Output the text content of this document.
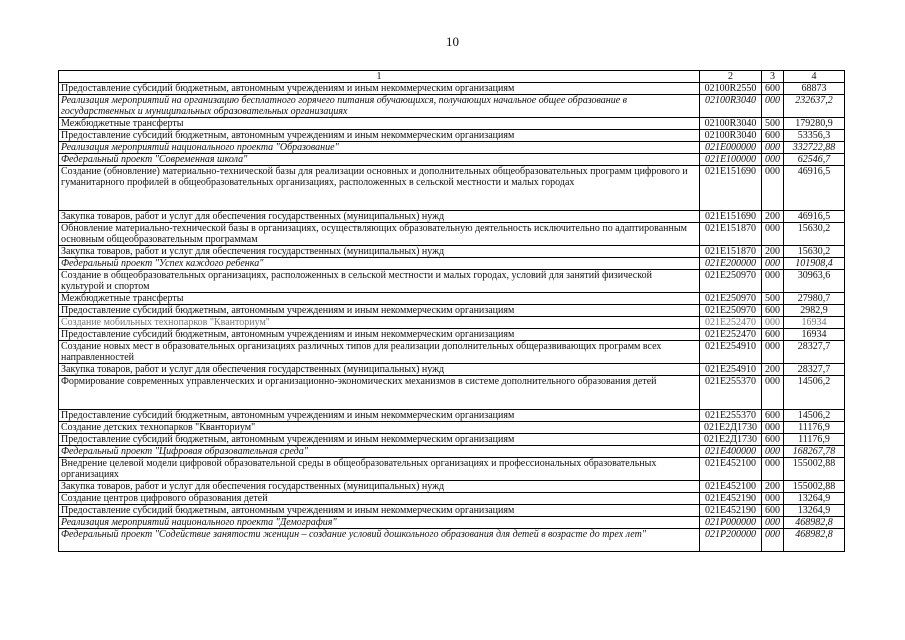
10
1	2	3	4
Предоставление субсидий бюджетным, автономным учреждениям и иным некоммерческим организациям	02100R2550	600	68873
Реализация мероприятий на организацию бесплатного горячего питания обучающихся, получающих начальное общее образование в государственных и муниципальных образовательных организациях	02100R3040	000	232637,2
Межбюджетные трансферты	02100R3040	500	179280,9
Предоставление субсидий бюджетным, автономным учреждениям и иным некоммерческим организациям	02100R3040	600	53356,3
Реализация мероприятий национального проекта "Образование"	021E000000	000	332722,88
Федеральный проект "Современная школа"	021E100000	000	62546,7
Создание (обновление) материально-технической базы для реализации основных и дополнительных общеобразовательных программ цифрового и гуманитарного профилей в общеобразовательных организациях, расположенных в сельской местности и малых городах	021E151690	000	46916,5
Закупка товаров, работ и услуг для обеспечения государственных (муниципальных) нужд	021E151690	200	46916,5
Обновление материально-технической базы в организациях, осуществляющих образовательную деятельность исключительно по адаптированным основным общеобразовательным программам	021E151870	000	15630,2
Закупка товаров, работ и услуг для обеспечения государственных (муниципальных) нужд	021E151870	200	15630,2
Федеральный проект "Успех каждого ребенка"	021E200000	000	101908,4
Создание в общеобразовательных организациях, расположенных в сельской местности и малых городах, условий для занятий физической культурой и спортом	021E250970	000	30963,6
Межбюджетные трансферты	021E250970	500	27980,7
Предоставление субсидий бюджетным, автономным учреждениям и иным некоммерческим организациям	021E250970	600	2982,9
Создание мобильных технопарков "Кванториум"	021E252470	000	16934
Предоставление субсидий бюджетным, автономным учреждениям и иным некоммерческим организациям	021E252470	600	16934
Создание новых мест в образовательных организациях различных типов для реализации дополнительных общеразвивающих программ всех направленностей	021E254910	000	28327,7
Закупка товаров, работ и услуг для обеспечения государственных (муниципальных) нужд	021E254910	200	28327,7
Формирование современных управленческих и организационно-экономических механизмов в системе дополнительного образования детей	021E255370	000	14506,2
Предоставление субсидий бюджетным, автономным учреждениям и иным некоммерческим организациям	021E255370	600	14506,2
Создание детских технопарков "Кванториум"	021E2Д1730	000	11176,9
Предоставление субсидий бюджетным, автономным учреждениям и иным некоммерческим организациям	021E2Д1730	600	11176,9
Федеральный проект "Цифровая образовательная среда"	021E400000	000	168267,78
Внедрение целевой модели цифровой образовательной среды в общеобразовательных организациях и профессиональных образовательных организациях	021E452100	000	155002,88
Закупка товаров, работ и услуг для обеспечения государственных (муниципальных) нужд	021E452100	200	155002,88
Создание центров цифрового образования детей	021E452190	000	13264,9
Предоставление субсидий бюджетным, автономным учреждениям и иным некоммерческим организациям	021E452190	600	13264,9
Реализация мероприятий национального проекта "Демография"	021P000000	000	468982,8
Федеральный проект "Содействие занятости женщин – создание условий дошкольного образования для детей в возрасте до трех лет"	021P200000	000	468982,8
